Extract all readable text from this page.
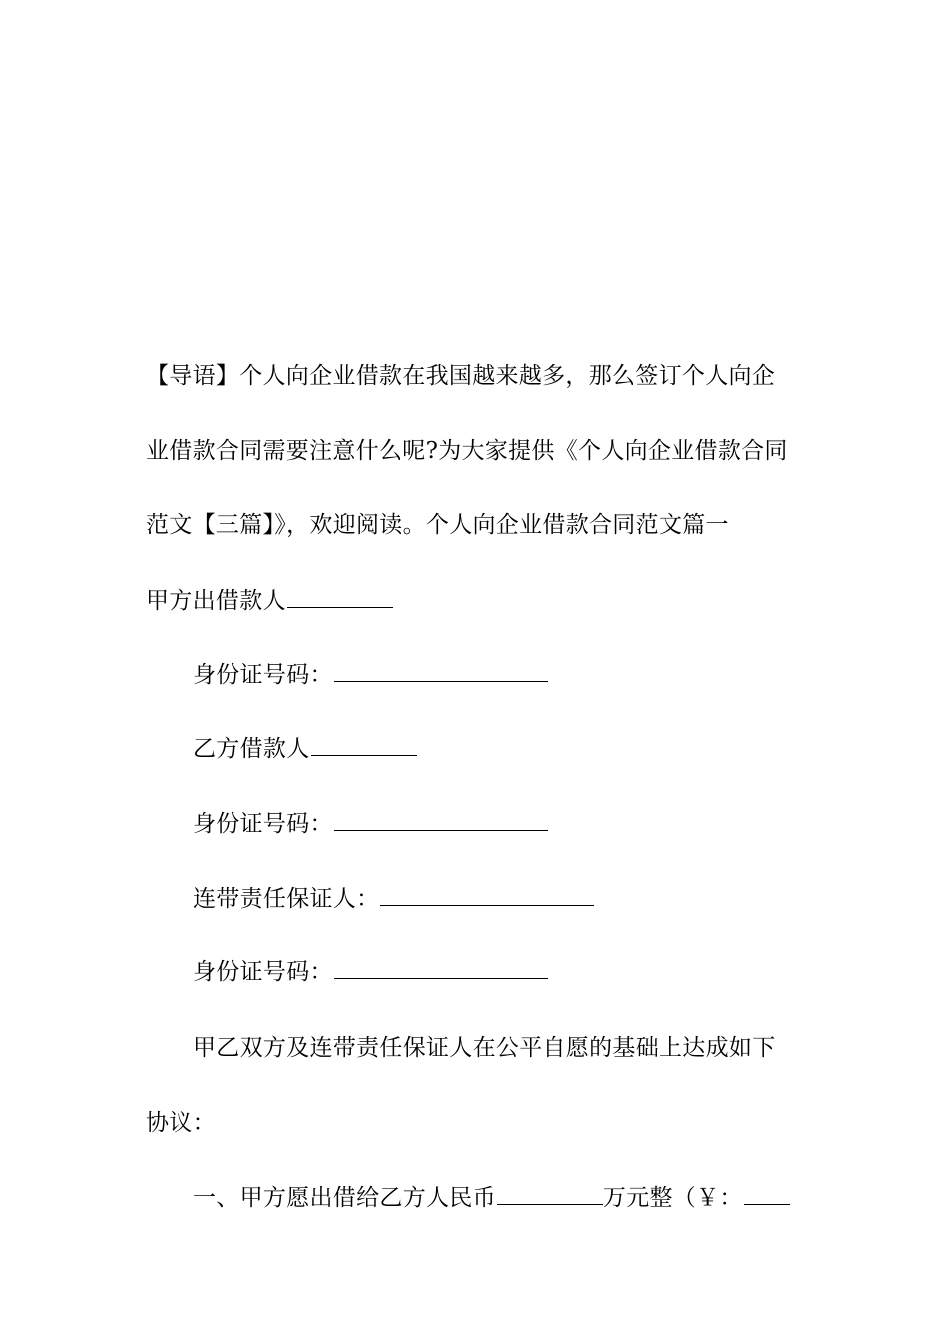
【导语】个人向企业借款在我国越来越多，那么签订个人向企
业借款合同需要注意什么呢?为大家提供《个人向企业借款合同
范文【三篇】》，欢迎阅读。个人向企业借款合同范文篇一
甲方出借款人
身份证号码：
乙方借款人
身份证号码：
连带责任保证人：
身份证号码：
甲乙双方及连带责任保证人在公平自愿的基础上达成如下
协议：
一、甲方愿出借给乙方人民币	万元整（￥：
